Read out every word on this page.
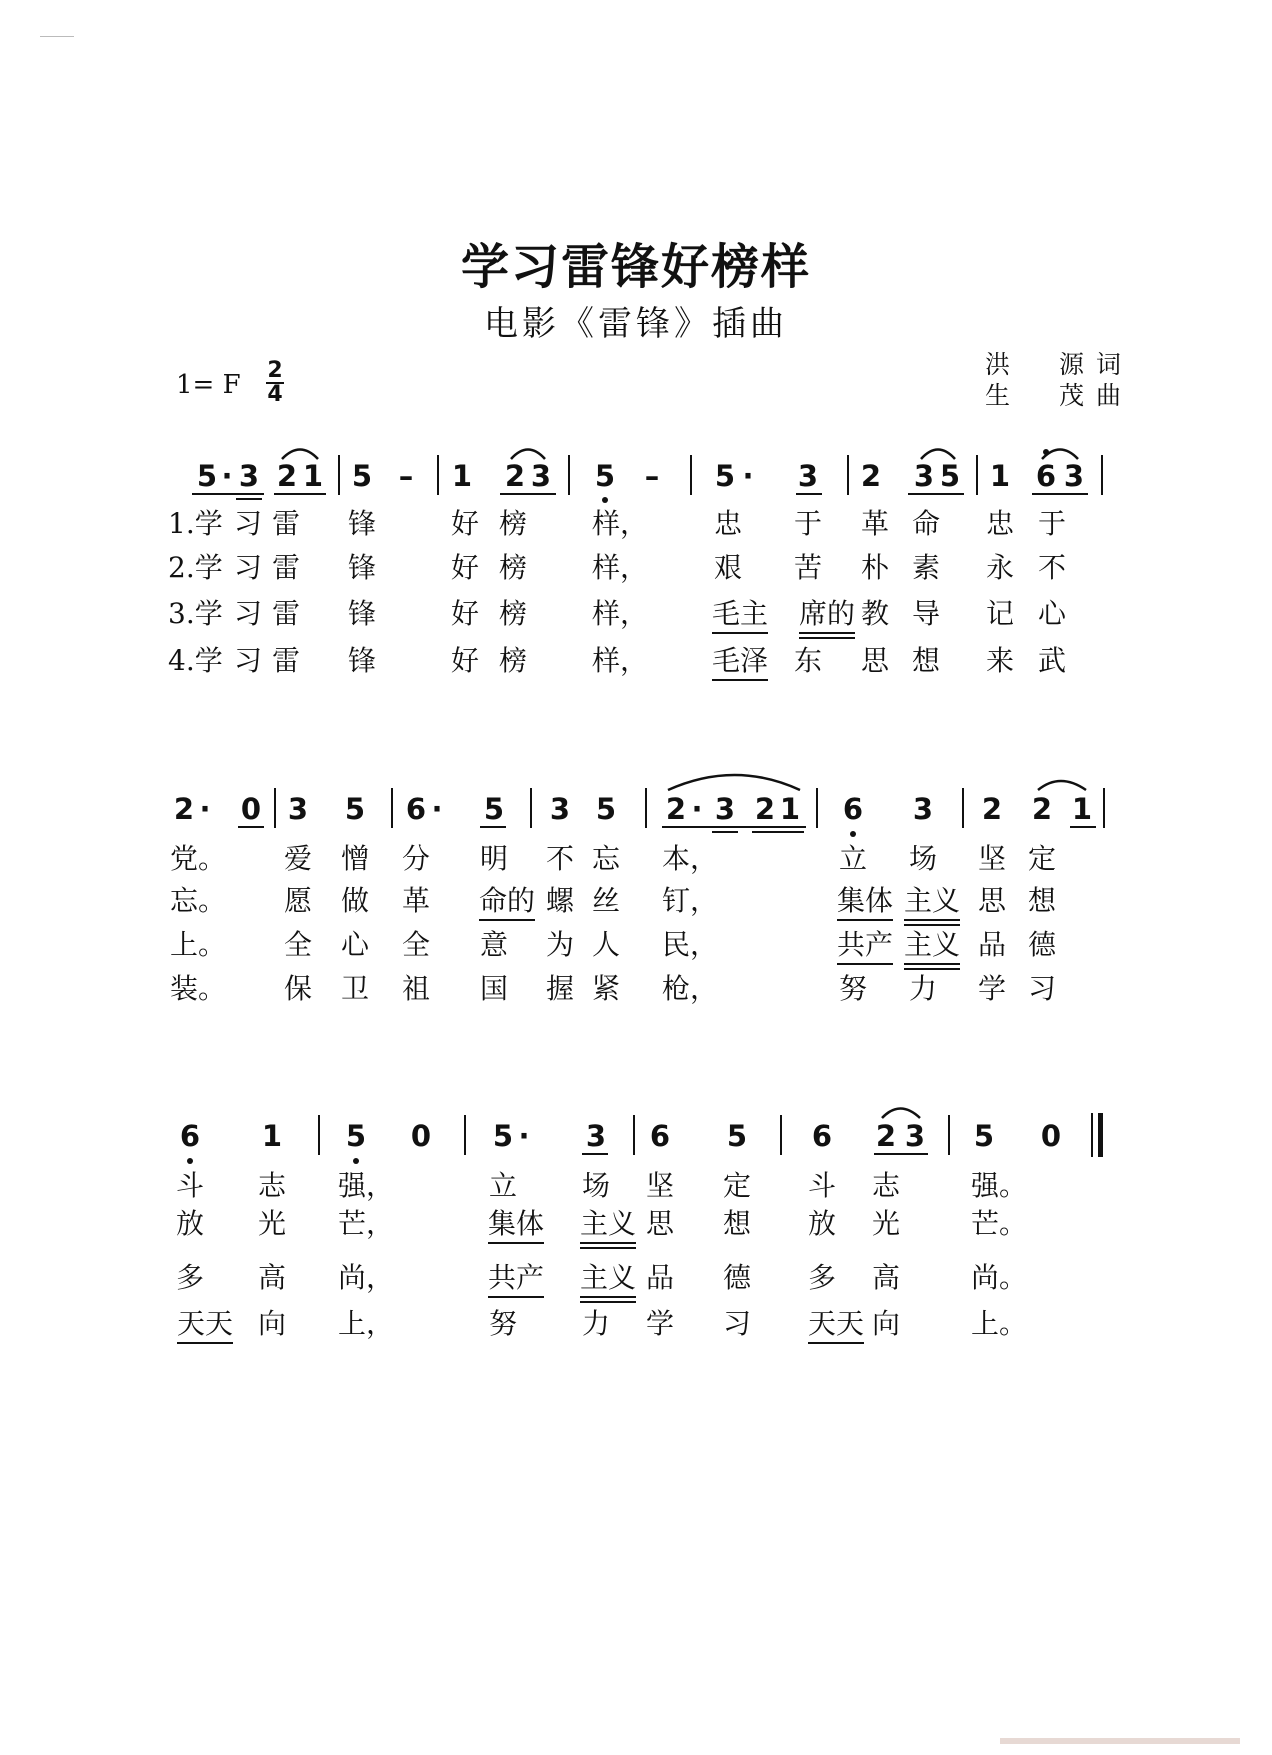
学习雷锋好榜样
电影《雷锋》插曲
洪　源词
生　茂曲
1= F 2
4
5 · 3 2 1 5 – 1 2 3 5 – 5 · 3 2 3 5 1 6 3
1.学 习 雷 锋	好 榜 样， 忠 于 革 命 忠 于
2.学 习 雷 锋	好 榜 样， 艰 苦 朴 素 永 不
3.学 习 雷 锋	好 榜 样， 毛主 席的 教 导 记 心
4.学 习 雷 锋	好 榜 样， 毛泽 东 思 想 来 武
2 · 0 3 5 6 · 5 3 5 2 · 3 2 1 6 3 2 2 1
党。 爱 憎 分 明 不 忘 本，	立 场 坚 定
忘。 愿 做 革 命的 螺 丝 钉，	集体 主义 思 想
上。 全 心 全 意 为 人 民，	共产 主义 品 德
装。 保 卫 祖 国 握 紧 枪，	努 力 学 习
6 1 5 0 5 · 3 6 5 6 2 3 5 0
斗 志 强，	立 场 坚 定 斗 志	强。
放 光 芒，	集体 主义 思 想 放 光	芒。
多 高 尚，	共产 主义 品 德 多 高	尚。
天天 向 上，	努 力 学 习 天天 向	上。
